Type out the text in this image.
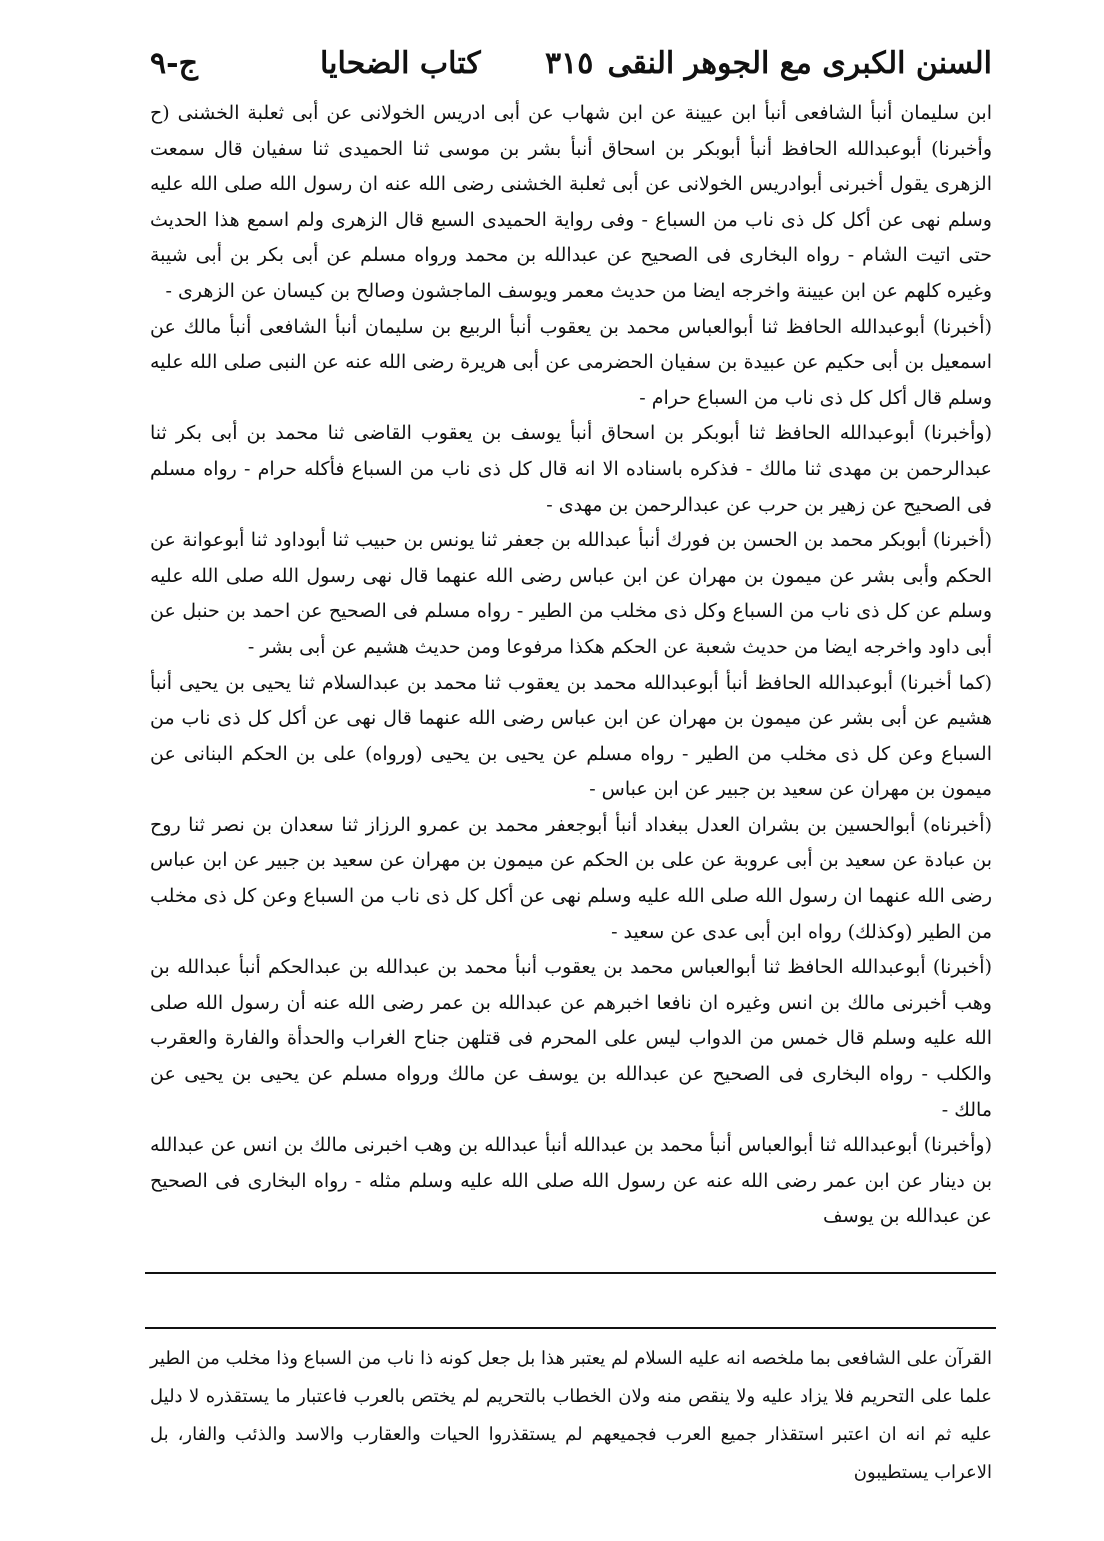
السنن الكبرى مع الجوهر النقى
٣١٥
كتاب الضحايا
ج-٩

ابن سليمان أنبأ الشافعى أنبأ ابن عيينة عن ابن شهاب عن أبى ادريس الخولانى عن أبى ثعلبة الخشنى (ح وأخبرنا) أبوعبدالله الحافظ أنبأ أبوبكر بن اسحاق أنبأ بشر بن موسى ثنا الحميدى ثنا سفيان قال سمعت الزهرى يقول أخبرنى أبوادريس الخولانى عن أبى ثعلبة الخشنى رضى الله عنه ان رسول الله صلى الله عليه وسلم نهى عن أكل كل ذى ناب من السباع - وفى رواية الحميدى السبع قال الزهرى ولم اسمع هذا الحديث حتى اتيت الشام - رواه البخارى فى الصحيح عن عبدالله بن محمد ورواه مسلم عن أبى بكر بن أبى شيبة وغيره كلهم عن ابن عيينة واخرجه ايضا من حديث معمر ويوسف الماجشون وصالح بن كيسان عن الزهرى -

(أخبرنا) أبوعبدالله الحافظ ثنا أبوالعباس محمد بن يعقوب أنبأ الربيع بن سليمان أنبأ الشافعى أنبأ مالك عن اسمعيل بن أبى حكيم عن عبيدة بن سفيان الحضرمى عن أبى هريرة رضى الله عنه عن النبى صلى الله عليه وسلم قال أكل كل ذى ناب من السباع حرام -

(وأخبرنا) أبوعبدالله الحافظ ثنا أبوبكر بن اسحاق أنبأ يوسف بن يعقوب القاضى ثنا محمد بن أبى بكر ثنا عبدالرحمن بن مهدى ثنا مالك - فذكره باسناده الا انه قال كل ذى ناب من السباع فأكله حرام - رواه مسلم فى الصحيح عن زهير بن حرب عن عبدالرحمن بن مهدى -

(أخبرنا) أبوبكر محمد بن الحسن بن فورك أنبأ عبدالله بن جعفر ثنا يونس بن حبيب ثنا أبوداود ثنا أبوعوانة عن الحكم وأبى بشر عن ميمون بن مهران عن ابن عباس رضى الله عنهما قال نهى رسول الله صلى الله عليه وسلم عن كل ذى ناب من السباع وكل ذى مخلب من الطير - رواه مسلم فى الصحيح عن احمد بن حنبل عن أبى داود واخرجه ايضا من حديث شعبة عن الحكم هكذا مرفوعا ومن حديث هشيم عن أبى بشر -

(كما أخبرنا) أبوعبدالله الحافظ أنبأ أبوعبدالله محمد بن يعقوب ثنا محمد بن عبدالسلام ثنا يحيى بن يحيى أنبأ هشيم عن أبى بشر عن ميمون بن مهران عن ابن عباس رضى الله عنهما قال نهى عن أكل كل ذى ناب من السباع وعن كل ذى مخلب من الطير - رواه مسلم عن يحيى بن يحيى (ورواه) على بن الحكم البنانى عن ميمون بن مهران عن سعيد بن جبير عن ابن عباس -

(أخبرناه) أبوالحسين بن بشران العدل ببغداد أنبأ أبوجعفر محمد بن عمرو الرزاز ثنا سعدان بن نصر ثنا روح بن عبادة عن سعيد بن أبى عروبة عن على بن الحكم عن ميمون بن مهران عن سعيد بن جبير عن ابن عباس رضى الله عنهما ان رسول الله صلى الله عليه وسلم نهى عن أكل كل ذى ناب من السباع وعن كل ذى مخلب من الطير (وكذلك) رواه ابن أبى عدى عن سعيد -

(أخبرنا) أبوعبدالله الحافظ ثنا أبوالعباس محمد بن يعقوب أنبأ محمد بن عبدالله بن عبدالحكم أنبأ عبدالله بن وهب أخبرنى مالك بن انس وغيره ان نافعا اخبرهم عن عبدالله بن عمر رضى الله عنه أن رسول الله صلى الله عليه وسلم قال خمس من الدواب ليس على المحرم فى قتلهن جناح الغراب والحدأة والفارة والعقرب والكلب - رواه البخارى فى الصحيح عن عبدالله بن يوسف عن مالك ورواه مسلم عن يحيى بن يحيى عن مالك -

(وأخبرنا) أبوعبدالله ثنا أبوالعباس أنبأ محمد بن عبدالله أنبأ عبدالله بن وهب اخبرنى مالك بن انس عن عبدالله بن دينار عن ابن عمر رضى الله عنه عن رسول الله صلى الله عليه وسلم مثله - رواه البخارى فى الصحيح عن عبدالله بن يوسف

القرآن على الشافعى بما ملخصه انه عليه السلام لم يعتبر هذا بل جعل كونه ذا ناب من السباع وذا مخلب من الطير علما على التحريم فلا يزاد عليه ولا ينقص منه ولان الخطاب بالتحريم لم يختص بالعرب فاعتبار ما يستقذره لا دليل عليه ثم انه ان اعتبر استقذار جميع العرب فجميعهم لم يستقذروا الحيات والعقارب والاسد والذئب والفار، بل الاعراب يستطيبون
